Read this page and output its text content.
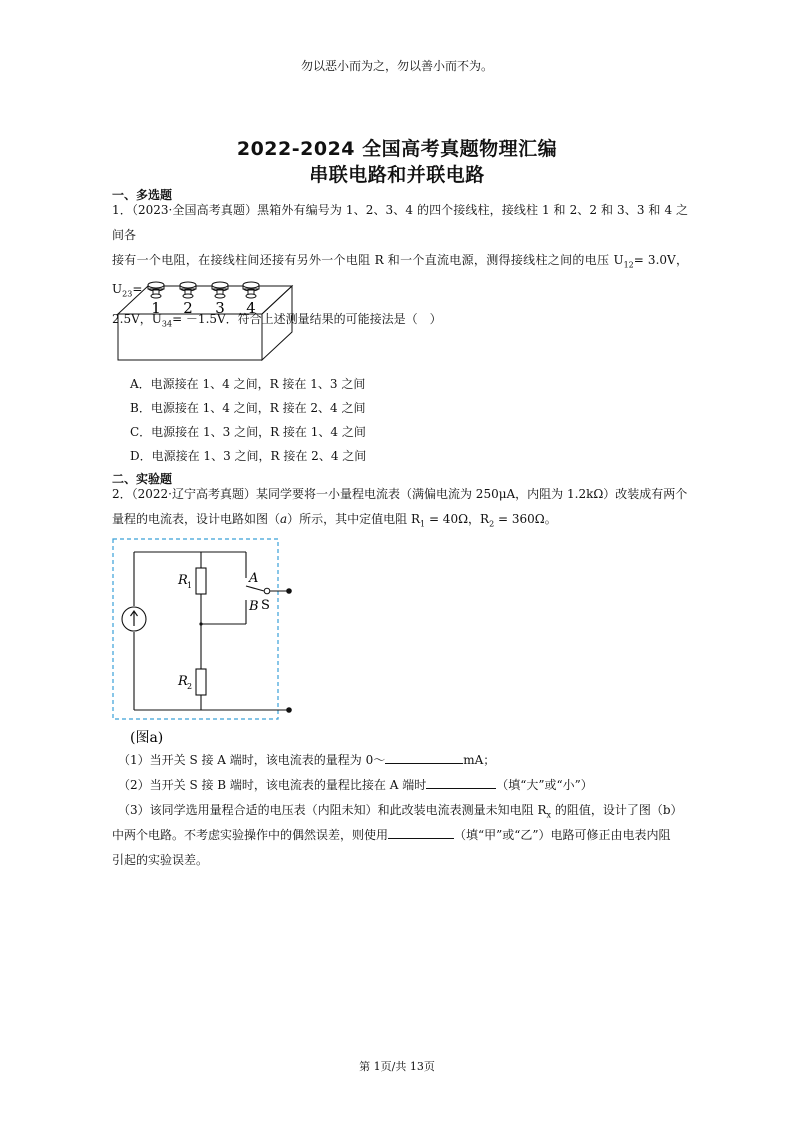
勿以恶小而为之，勿以善小而不为。
2022-2024 全国高考真题物理汇编
串联电路和并联电路
一、多选题
1．（2023·全国高考真题）黑箱外有编号为 1、2、3、4 的四个接线柱，接线柱 1 和 2、2 和 3、3 和 4 之间各
接有一个电阻，在接线柱间还接有另外一个电阻 R 和一个直流电源，测得接线柱之间的电压 $U_{12}= 3.0V$，$U_{23}=$
2.5V，$U_{34}= -1.5V$．符合上述测量结果的可能接法是（　）
1 2 3 4
A．电源接在 1、4 之间，R 接在 1、3 之间
B．电源接在 1、4 之间，R 接在 2、4 之间
C．电源接在 1、3 之间，R 接在 1、4 之间
D．电源接在 1、3 之间，R 接在 2、4 之间
二、实验题
2．（2022·辽宁高考真题）某同学要将一小量程电流表（满偏电流为 250μA，内阻为 1.2kΩ）改装成有两个
量程的电流表，设计电路如图（a）所示，其中定值电阻 $R_1 = 40\Omega$，$R_2 = 360\Omega$。
R 1
R 2
A
B S
(图a)
（1）当开关 S 接 A 端时，该电流表的量程为 0～	mA；
（2）当开关 S 接 B 端时，该电流表的量程比接在 A 端时	（填“大”或“小”）
（3）该同学选用量程合适的电压表（内阻未知）和此改装电流表测量未知电阻 $R_x$ 的阻值，设计了图（b）
中两个电路。不考虑实验操作中的偶然误差，则使用	（填“甲”或“乙”）电路可修正由电表内阻
引起的实验误差。
第 1页/共 13页
